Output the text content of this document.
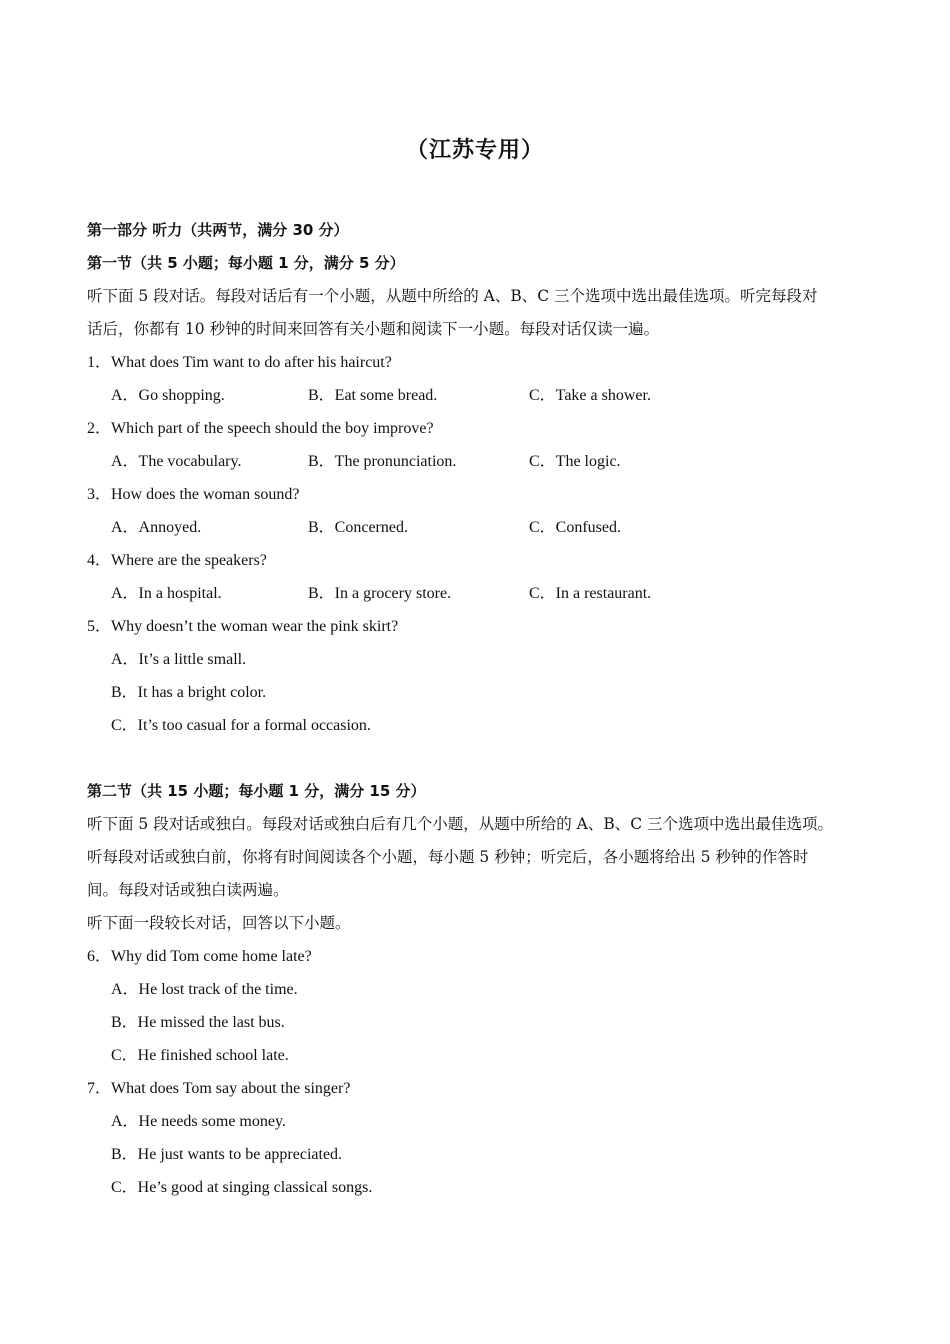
（江苏专用）
第一部分 听力（共两节，满分 30 分）
第一节（共 5 小题；每小题 1 分，满分 5 分）
听下面 5 段对话。每段对话后有一个小题，从题中所给的 A、B、C 三个选项中选出最佳选项。听完每段对
话后，你都有 10 秒钟的时间来回答有关小题和阅读下一小题。每段对话仅读一遍。
1．What does Tim want to do after his haircut?
A．Go shopping.	B．Eat some bread.	C．Take a shower.
2．Which part of the speech should the boy improve?
A．The vocabulary.	B．The pronunciation.	C．The logic.
3．How does the woman sound?
A．Annoyed.	B．Concerned.	C．Confused.
4．Where are the speakers?
A．In a hospital.	B．In a grocery store.	C．In a restaurant.
5．Why doesn’t the woman wear the pink skirt?
A．It’s a little small.
B．It has a bright color.
C．It’s too casual for a formal occasion.
第二节（共 15 小题；每小题 1 分，满分 15 分）
听下面 5 段对话或独白。每段对话或独白后有几个小题，从题中所给的 A、B、C 三个选项中选出最佳选项。
听每段对话或独白前，你将有时间阅读各个小题，每小题 5 秒钟；听完后，各小题将给出 5 秒钟的作答时
间。每段对话或独白读两遍。
听下面一段较长对话，回答以下小题。
6．Why did Tom come home late?
A．He lost track of the time.
B．He missed the last bus.
C．He finished school late.
7．What does Tom say about the singer?
A．He needs some money.
B．He just wants to be appreciated.
C．He’s good at singing classical songs.
